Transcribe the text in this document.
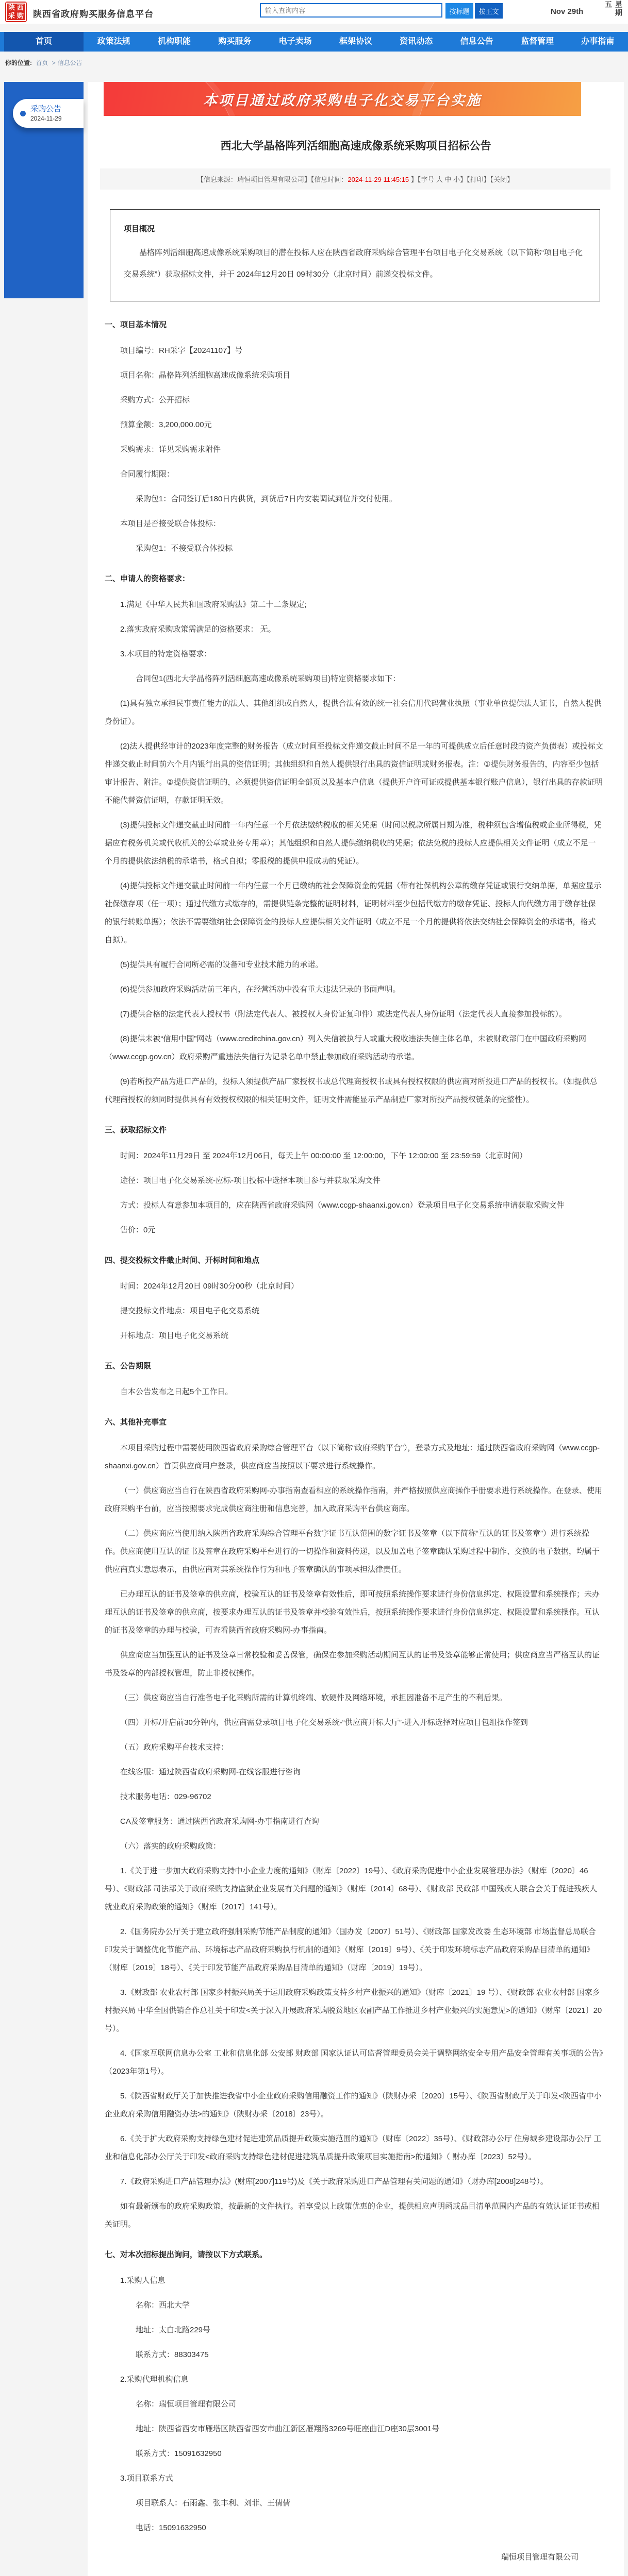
陕 西
采 购 陕西省政府购买服务信息平台
输入查询内容	按标题	按正文	Nov 29th	星期五
首页	政策法规	机构职能	购买服务	电子卖场	框架协议	资讯动态	信息公告	监督管理	办事指南
你的位置: 首页 > 信息公告
采购公告
2024-11-29
本项目通过政府采购电子化交易平台实施
西北大学晶格阵列活细胞高速成像系统采购项目招标公告
【信息来源：瑞恒项目管理有限公司】【信息时间：2024-11-29 11:45:15 】【字号 大 中 小】【打印】【关闭】
项目概况

晶格阵列活细胞高速成像系统采购项目的潜在投标人应在陕西省政府采购综合管理平台项目电子化交易系统（以下简称“项目电子化交易系统”）获取招标文件，并于 2024年12月20日 09时30分（北京时间）前递交投标文件。

一、项目基本情况
项目编号：RH采字【20241107】号
项目名称：晶格阵列活细胞高速成像系统采购项目
采购方式：公开招标
预算金额：3,200,000.00元
采购需求：详见采购需求附件
合同履行期限：
采购包1：合同签订后180日内供货，到货后7日内安装调试到位并交付使用。
本项目是否接受联合体投标：
采购包1：不接受联合体投标
二、申请人的资格要求：
1.满足《中华人民共和国政府采购法》第二十二条规定;
2.落实政府采购政策需满足的资格要求： 无。
3.本项目的特定资格要求：
合同包1(西北大学晶格阵列活细胞高速成像系统采购项目)特定资格要求如下：
(1)具有独立承担民事责任能力的法人、其他组织或自然人，提供合法有效的统一社会信用代码营业执照（事业单位提供法人证书，自然人提供身份证）。
(2)法人提供经审计的2023年度完整的财务报告（成立时间至投标文件递交截止时间不足一年的可提供成立后任意时段的资产负债表）或投标文件递交截止时间前六个月内银行出具的资信证明；其他组织和自然人提供银行出具的资信证明或财务报表。注：①提供财务报告的，内容至少包括审计报告、附注。②提供资信证明的，必须提供资信证明全部页以及基本户信息（提供开户许可证或提供基本银行账户信息），银行出具的存款证明不能代替资信证明，存款证明无效。
(3)提供投标文件递交截止时间前一年内任意一个月依法缴纳税收的相关凭据（时间以税款所属日期为准，税种须包含增值税或企业所得税，凭据应有税务机关或代收机关的公章或业务专用章）；其他组织和自然人提供缴纳税收的凭据；依法免税的投标人应提供相关文件证明（成立不足一个月的提供依法纳税的承诺书，格式自拟；零报税的提供申报成功的凭证）。
(4)提供投标文件递交截止时间前一年内任意一个月已缴纳的社会保障资金的凭据（带有社保机构公章的缴存凭证或银行交纳单据，单据应显示社保缴存项（任一项）；通过代缴方式缴存的，需提供链条完整的证明材料，证明材料至少包括代缴方的缴存凭证、投标人向代缴方用于缴存社保的银行转账单据）；依法不需要缴纳社会保障资金的投标人应提供相关文件证明（成立不足一个月的提供将依法交纳社会保障资金的承诺书，格式自拟）。
(5)提供具有履行合同所必需的设备和专业技术能力的承诺。
(6)提供参加政府采购活动前三年内，在经营活动中没有重大违法记录的书面声明。
(7)提供合格的法定代表人授权书（附法定代表人、被授权人身份证复印件）或法定代表人身份证明（法定代表人直接参加投标的）。
(8)提供未被“信用中国”网站（www.creditchina.gov.cn）列入失信被执行人或重大税收违法失信主体名单，未被财政部门在中国政府采购网（www.ccgp.gov.cn）政府采购严重违法失信行为记录名单中禁止参加政府采购活动的承诺。
(9)若所投产品为进口产品的，投标人须提供产品厂家授权书或总代理商授权书或具有授权权限的供应商对所投进口产品的授权书。（如提供总代理商授权的须同时提供具有有效授权权限的相关证明文件，证明文件需能显示产品制造厂家对所投产品授权链条的完整性）。
三、获取招标文件
时间：2024年11月29日 至 2024年12月06日，每天上午 00:00:00 至 12:00:00，下午 12:00:00 至 23:59:59（北京时间）
途径：项目电子化交易系统-应标-项目投标中选择本项目参与并获取采购文件
方式：投标人有意参加本项目的，应在陕西省政府采购网（www.ccgp-shaanxi.gov.cn）登录项目电子化交易系统申请获取采购文件
售价：0元
四、提交投标文件截止时间、开标时间和地点
时间：2024年12月20日 09时30分00秒（北京时间）
提交投标文件地点：项目电子化交易系统
开标地点：项目电子化交易系统
五、公告期限
自本公告发布之日起5个工作日。
六、其他补充事宜
本项目采购过程中需要使用陕西省政府采购综合管理平台（以下简称“政府采购平台”），登录方式及地址：通过陕西省政府采购网（www.ccgp-shaanxi.gov.cn）首页供应商用户登录，供应商应当按照以下要求进行系统操作。
（一）供应商应当自行在陕西省政府采购网-办事指南查看相应的系统操作指南，并严格按照供应商操作手册要求进行系统操作。在登录、使用政府采购平台前，应当按照要求完成供应商注册和信息完善，加入政府采购平台供应商库。
（二）供应商应当使用纳入陕西省政府采购综合管理平台数字证书互认范围的数字证书及签章（以下简称“互认的证书及签章”）进行系统操作。供应商使用互认的证书及签章在政府采购平台进行的一切操作和资料传递，以及加盖电子签章确认采购过程中制作、交换的电子数据，均属于供应商真实意思表示，由供应商对其系统操作行为和电子签章确认的事项承担法律责任。
已办理互认的证书及签章的供应商，校验互认的证书及签章有效性后，即可按照系统操作要求进行身份信息绑定、权限设置和系统操作；未办理互认的证书及签章的供应商，按要求办理互认的证书及签章并校验有效性后，按照系统操作要求进行身份信息绑定、权限设置和系统操作。互认的证书及签章的办理与校验，可查看陕西省政府采购网-办事指南。
供应商应当加强互认的证书及签章日常校验和妥善保管，确保在参加采购活动期间互认的证书及签章能够正常使用；供应商应当严格互认的证书及签章的内部授权管理，防止非授权操作。
（三）供应商应当自行准备电子化采购所需的计算机终端、软硬件及网络环境，承担因准备不足产生的不利后果。
（四）开标/开启前30分钟内，供应商需登录项目电子化交易系统-“供应商开标大厅”-进入开标选择对应项目包组操作签到
（五）政府采购平台技术支持：
在线客服：通过陕西省政府采购网-在线客服进行咨询
技术服务电话：029-96702
CA及签章服务：通过陕西省政府采购网-办事指南进行查询
（六）落实的政府采购政策：
1.《关于进一步加大政府采购支持中小企业力度的通知》（财库〔2022〕19号）、《政府采购促进中小企业发展管理办法》（财库〔2020〕46号）、《财政部 司法部关于政府采购支持监狱企业发展有关问题的通知》（财库〔2014〕68号）、《财政部 民政部 中国残疾人联合会关于促进残疾人就业政府采购政策的通知》（财库〔2017〕141号）。
2.《国务院办公厅关于建立政府强制采购节能产品制度的通知》（国办发〔2007〕51号）、《财政部 国家发改委 生态环境部 市场监督总局联合印发关于调整优化节能产品、环境标志产品政府采购执行机制的通知》（财库〔2019〕9号）、《关于印发环境标志产品政府采购品目清单的通知》（财库〔2019〕18号）、《关于印发节能产品政府采购品目清单的通知》（财库〔2019〕19号）。
3.《财政部 农业农村部 国家乡村振兴局关于运用政府采购政策支持乡村产业振兴的通知》（财库〔2021〕19 号）、《财政部 农业农村部 国家乡村振兴局 中华全国供销合作总社关于印发<关于深入开展政府采购脱贫地区农副产品工作推进乡村产业振兴的实施意见>的通知》（财库〔2021〕20号）。
4.《国家互联网信息办公室 工业和信息化部 公安部 财政部 国家认证认可监督管理委员会关于调整网络安全专用产品安全管理有关事项的公告》（2023年第1号）。
5.《陕西省财政厅关于加快推进我省中小企业政府采购信用融资工作的通知》（陕财办采〔2020〕15号）、《陕西省财政厅关于印发<陕西省中小企业政府采购信用融资办法>的通知》（陕财办采〔2018〕23号）。
6.《关于扩大政府采购支持绿色建材促进建筑品质提升政策实施范围的通知》（财库〔2022〕35号）、《财政部办公厅 住房城乡建设部办公厅 工业和信息化部办公厅关于印发<政府采购支持绿色建材促进建筑品质提升政策项目实施指南>的通知》（ 财办库〔2023〕52号）。
7.《政府采购进口产品管理办法》(财库[2007]119号)及《关于政府采购进口产品管理有关问题的通知》（财办库[2008]248号）。
如有最新颁布的政府采购政策，按最新的文件执行。若享受以上政策优惠的企业，提供相应声明函或品目清单范围内产品的有效认证证书或相关证明。
七、对本次招标提出询问，请按以下方式联系。
1.采购人信息
名称：西北大学
地址：太白北路229号
联系方式：88303475
2.采购代理机构信息
名称：瑞恒项目管理有限公司
地址：陕西省西安市雁塔区陕西省西安市曲江新区雁翔路3269号旺座曲江D座30层3001号
联系方式：15091632950
3.项目联系方式
项目联系人：石雨鑫、张丰利、刘菲、王倩倩
电话：15091632950
瑞恒项目管理有限公司
